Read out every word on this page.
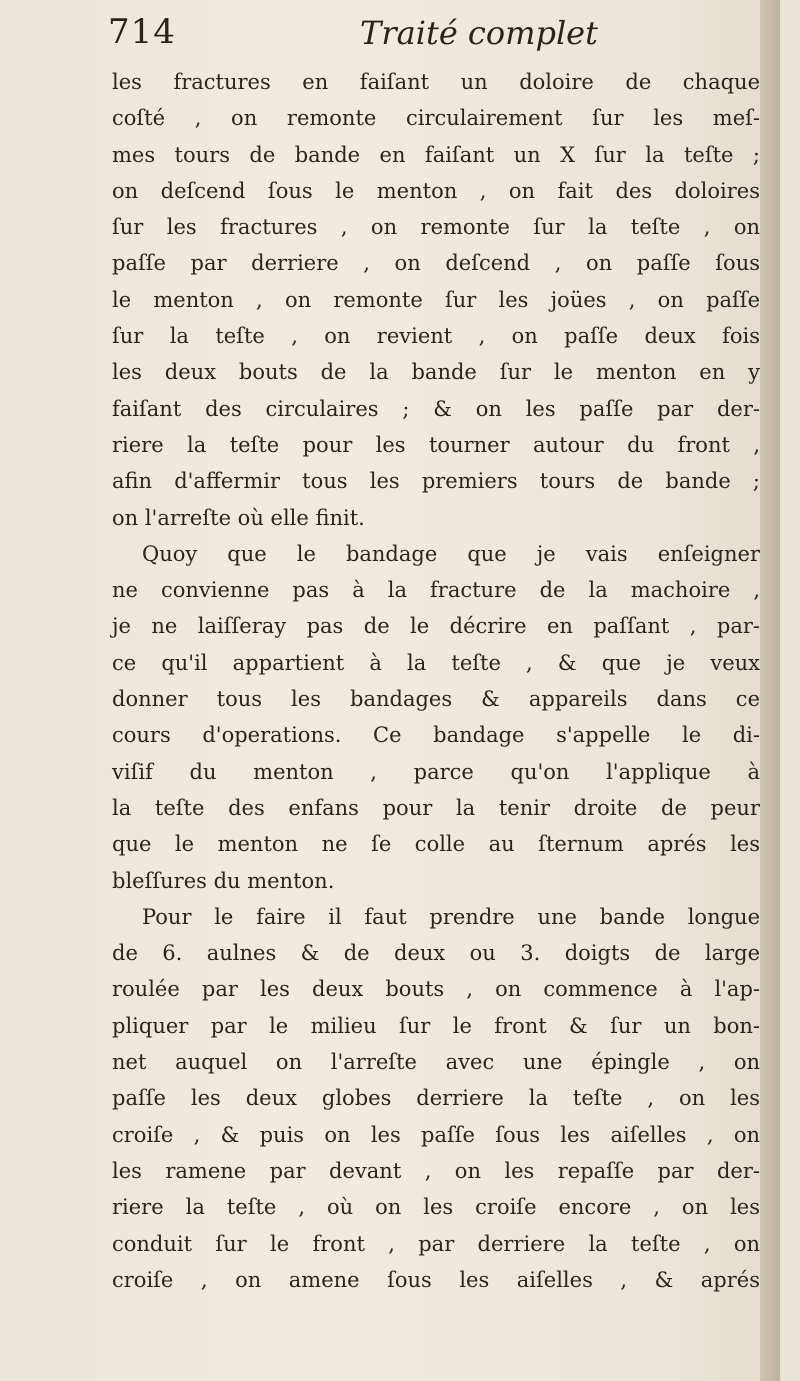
714	Traité complet

les fractures en faiſant un doloire de chaque
coſté , on remonte circulairement ſur les meſ-
mes tours de bande en faiſant un X ſur la teſte ;
on deſcend ſous le menton , on fait des doloires
ſur les fractures , on remonte ſur la teſte , on
paſſe par derriere , on deſcend , on paſſe ſous
le menton , on remonte ſur les joües , on paſſe
ſur la teſte , on revient , on paſſe deux fois
les deux bouts de la bande ſur le menton en y
faiſant des circulaires ; & on les paſſe par der-
riere la teſte pour les tourner autour du front ,
afin d'affermir tous les premiers tours de bande ;
on l'arreſte où elle finit.

Quoy que le bandage que je vais enſeigner
ne convienne pas à la fracture de la machoire ,
je ne laiſſeray pas de le décrire en paſſant , par-
ce qu'il appartient à la teſte , & que je veux
donner tous les bandages & appareils dans ce
cours d'operations. Ce bandage s'appelle le di-
viſif du menton , parce qu'on l'applique à
la teſte des enfans pour la tenir droite de peur
que le menton ne ſe colle au ſternum aprés les
bleſſures du menton.

Pour le faire il faut prendre une bande longue
de 6. aulnes & de deux ou 3. doigts de large
roulée par les deux bouts , on commence à l'ap-
pliquer par le milieu ſur le front & ſur un bon-
net auquel on l'arreſte avec une épingle , on
paſſe les deux globes derriere la teſte , on les
croiſe , & puis on les paſſe ſous les aiſelles , on
les ramene par devant , on les repaſſe par der-
riere la teſte , où on les croiſe encore , on les
conduit ſur le front , par derriere la teſte , on
croiſe , on amene ſous les aiſelles , & aprés
